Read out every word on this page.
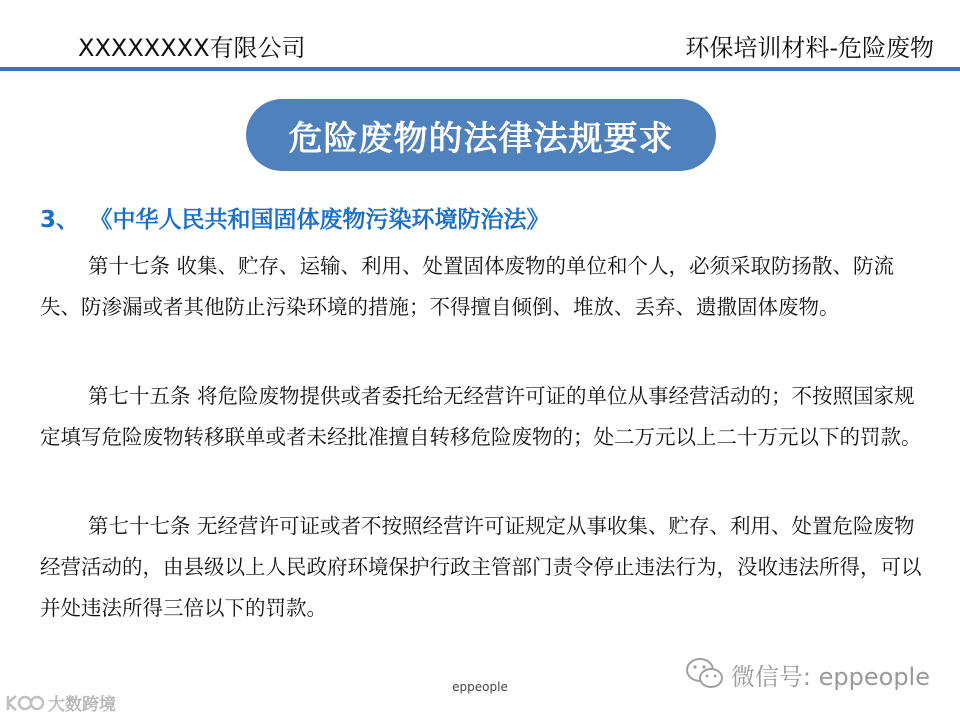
XXXXXXXX有限公司	环保培训材料-危险废物
危险废物的法律法规要求
3、 《中华人民共和国固体废物污染环境防治法》

第十七条 收集、贮存、运输、利用、处置固体废物的单位和个人，必须采取防扬散、防流失、防渗漏或者其他防止污染环境的措施；不得擅自倾倒、堆放、丢弃、遗撒固体废物。

第七十五条 将危险废物提供或者委托给无经营许可证的单位从事经营活动的；不按照国家规定填写危险废物转移联单或者未经批准擅自转移危险废物的；处二万元以上二十万元以下的罚款。

第七十七条 无经营许可证或者不按照经营许可证规定从事收集、贮存、利用、处置危险废物经营活动的，由县级以上人民政府环境保护行政主管部门责令停止违法行为，没收违法所得，可以并处违法所得三倍以下的罚款。

eppeople	微信号: eppeople
大数跨境
